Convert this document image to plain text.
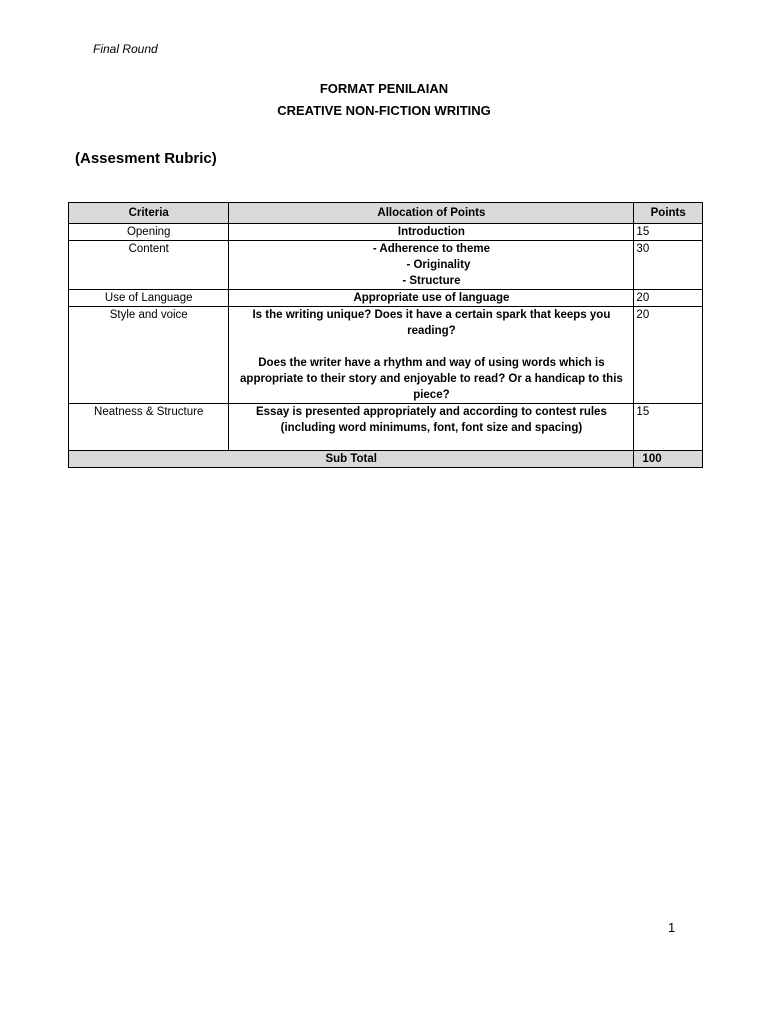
Final Round
FORMAT PENILAIAN
CREATIVE NON-FICTION WRITING
(Assesment Rubric)
Criteria	Allocation of Points	Points
Opening	Introduction	15
Content	- Adherence to theme
- Originality
- Structure	30
Use of Language	Appropriate use of language	20
Style and voice	Is the writing unique? Does it have a certain spark that keeps you reading?
Does the writer have a rhythm and way of using words which is appropriate to their story and enjoyable to read? Or a handicap to this piece?	20
Neatness & Structure	Essay is presented appropriately and according to contest rules (including word minimums, font, font size and spacing)	15
Sub Total		100
1
